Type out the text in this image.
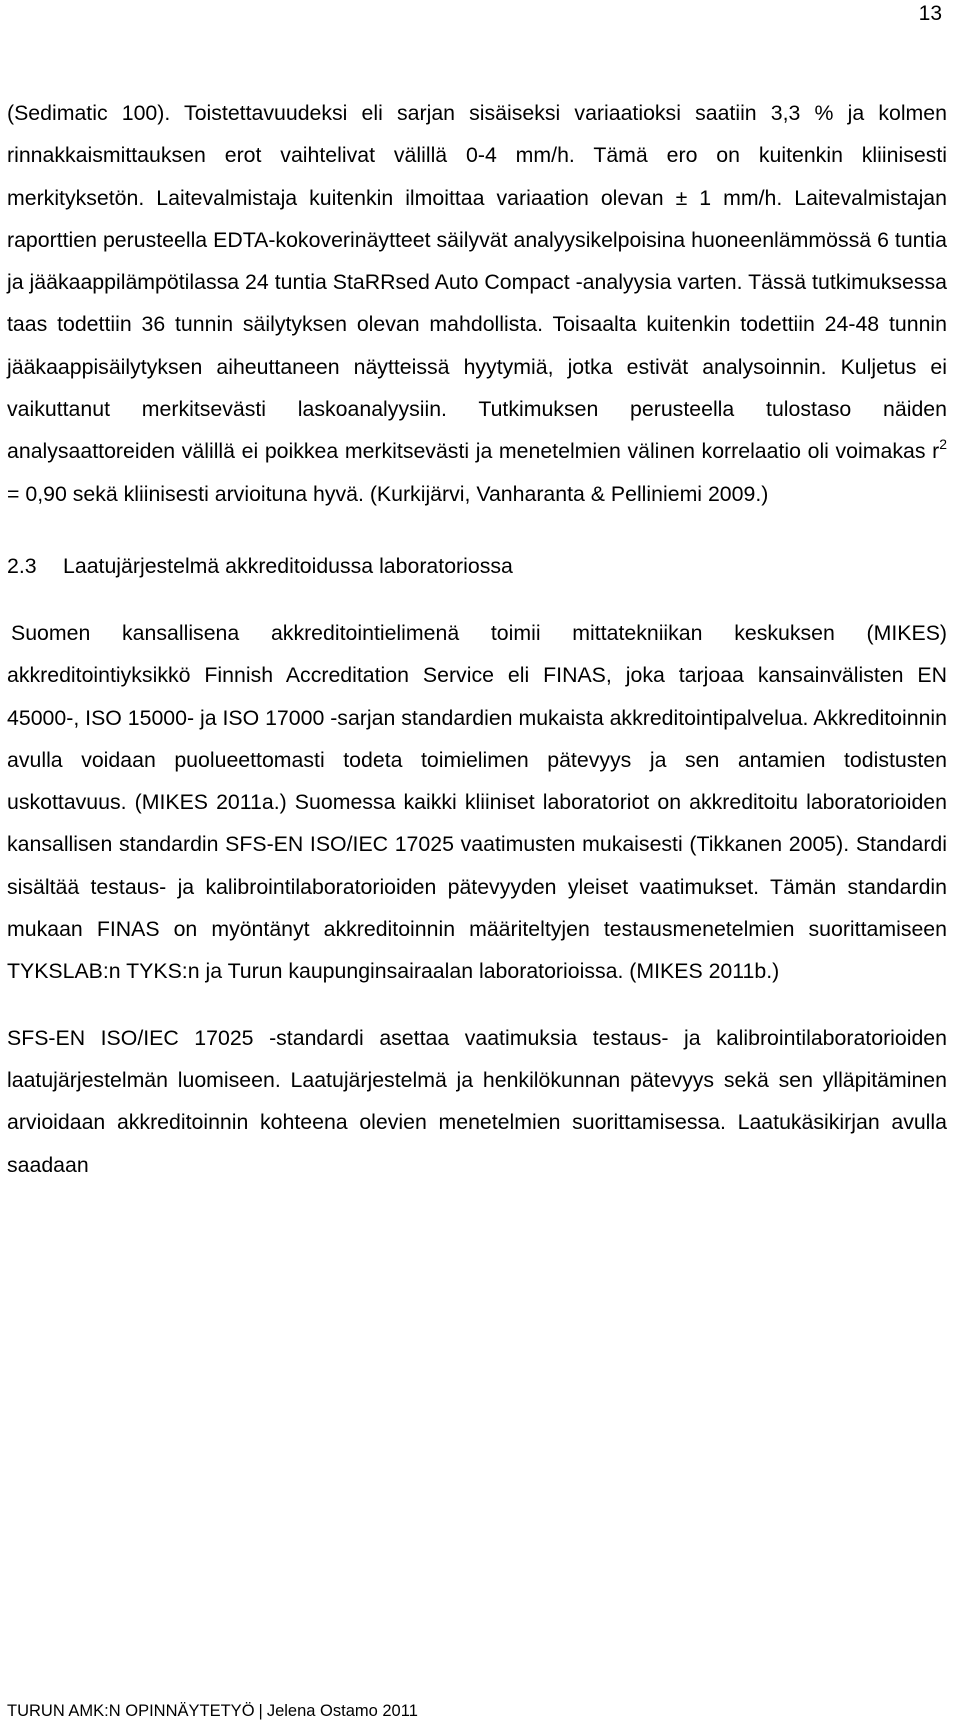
13

(Sedimatic 100). Toistettavuudeksi eli sarjan sisäiseksi variaatioksi saatiin 3,3 % ja kolmen rinnakkaismittauksen erot vaihtelivat välillä 0-4 mm/h. Tämä ero on kuitenkin kliinisesti merkityksetön. Laitevalmistaja kuitenkin ilmoittaa variaation olevan ± 1 mm/h. Laitevalmistajan raporttien perusteella EDTA-kokoverinäytteet säilyvät analyysikelpoisina huoneenlämmössä 6 tuntia ja jääkaappilämpötilassa 24 tuntia StaRRsed Auto Compact -analyysia varten. Tässä tutkimuksessa taas todettiin 36 tunnin säilytyksen olevan mahdollista. Toisaalta kuitenkin todettiin 24-48 tunnin jääkaappisäilytyksen aiheuttaneen näytteissä hyytymiä, jotka estivät analysoinnin. Kuljetus ei vaikuttanut merkitsevästi laskoanalyysiin. Tutkimuksen perusteella tulostaso näiden analysaattoreiden välillä ei poikkea merkitsevästi ja menetelmien välinen korrelaatio oli voimakas $r^2 = 0,90$ sekä kliinisesti arvioituna hyvä. (Kurkijärvi, Vanharanta & Pelliniemi 2009.)

2.3 Laatujärjestelmä akkreditoidussa laboratoriossa

Suomen kansallisena akkreditointielimenä toimii mittatekniikan keskuksen (MIKES) akkreditointiyksikkö Finnish Accreditation Service eli FINAS, joka tarjoaa kansainvälisten EN 45000-, ISO 15000- ja ISO 17000 -sarjan standardien mukaista akkreditointipalvelua. Akkreditoinnin avulla voidaan puolueettomasti todeta toimielimen pätevyys ja sen antamien todistusten uskottavuus. (MIKES 2011a.) Suomessa kaikki kliiniset laboratoriot on akkreditoitu laboratorioiden kansallisen standardin SFS-EN ISO/IEC 17025 vaatimusten mukaisesti (Tikkanen 2005). Standardi sisältää testaus- ja kalibrointilaboratorioiden pätevyyden yleiset vaatimukset. Tämän standardin mukaan FINAS on myöntänyt akkreditoinnin määriteltyjen testausmenetelmien suorittamiseen TYKSLAB:n TYKS:n ja Turun kaupunginsairaalan laboratorioissa. (MIKES 2011b.)

SFS-EN ISO/IEC 17025 -standardi asettaa vaatimuksia testaus- ja kalibrointilaboratorioiden laatujärjestelmän luomiseen. Laatujärjestelmä ja henkilökunnan pätevyys sekä sen ylläpitäminen arvioidaan akkreditoinnin kohteena olevien menetelmien suorittamisessa. Laatukäsikirjan avulla saadaan

TURUN AMK:N OPINNÄYTETYÖ | Jelena Ostamo 2011
